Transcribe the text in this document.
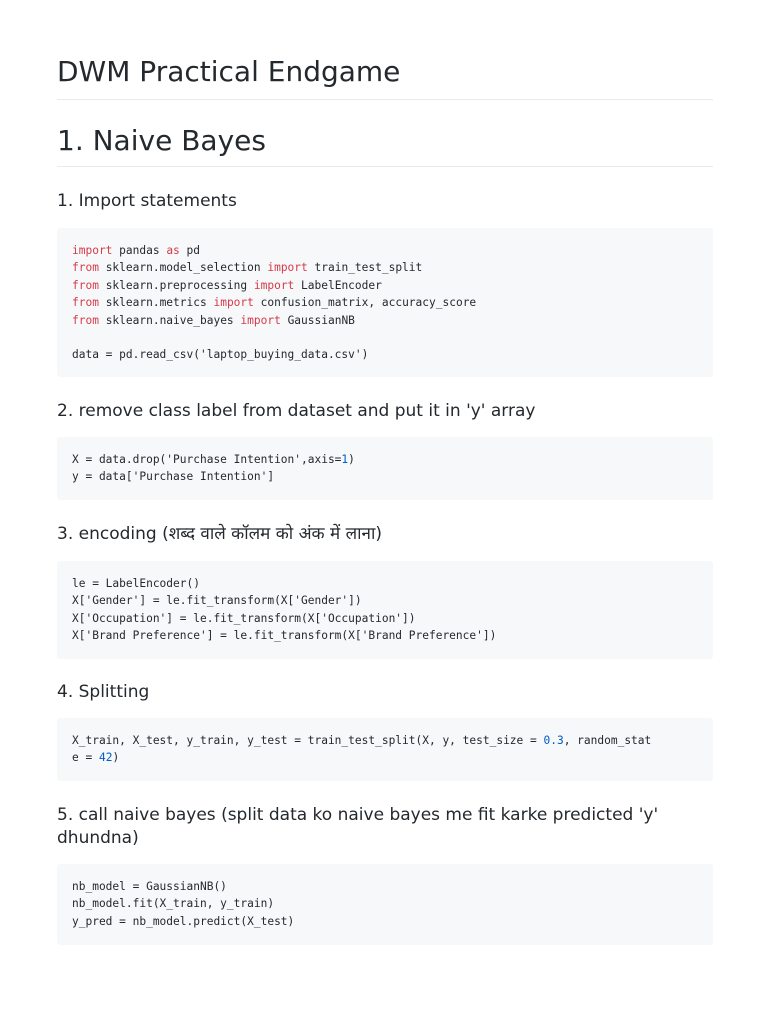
DWM Practical Endgame
1. Naive Bayes
1. Import statements
import pandas as pd
from sklearn.model_selection import train_test_split
from sklearn.preprocessing import LabelEncoder
from sklearn.metrics import confusion_matrix, accuracy_score
from sklearn.naive_bayes import GaussianNB

data = pd.read_csv('laptop_buying_data.csv')
2. remove class label from dataset and put it in 'y' array
X = data.drop('Purchase Intention',axis=1)
y = data['Purchase Intention']
3. encoding (शब्द वाले कॉलम को अंक में लाना)
le = LabelEncoder()
X['Gender'] = le.fit_transform(X['Gender'])
X['Occupation'] = le.fit_transform(X['Occupation'])
X['Brand Preference'] = le.fit_transform(X['Brand Preference'])
4. Splitting
X_train, X_test, y_train, y_test = train_test_split(X, y, test_size = 0.3, random_stat
e = 42)
5. call naive bayes (split data ko naive bayes me fit karke predicted 'y' dhundna)
nb_model = GaussianNB()
nb_model.fit(X_train, y_train)
y_pred = nb_model.predict(X_test)
